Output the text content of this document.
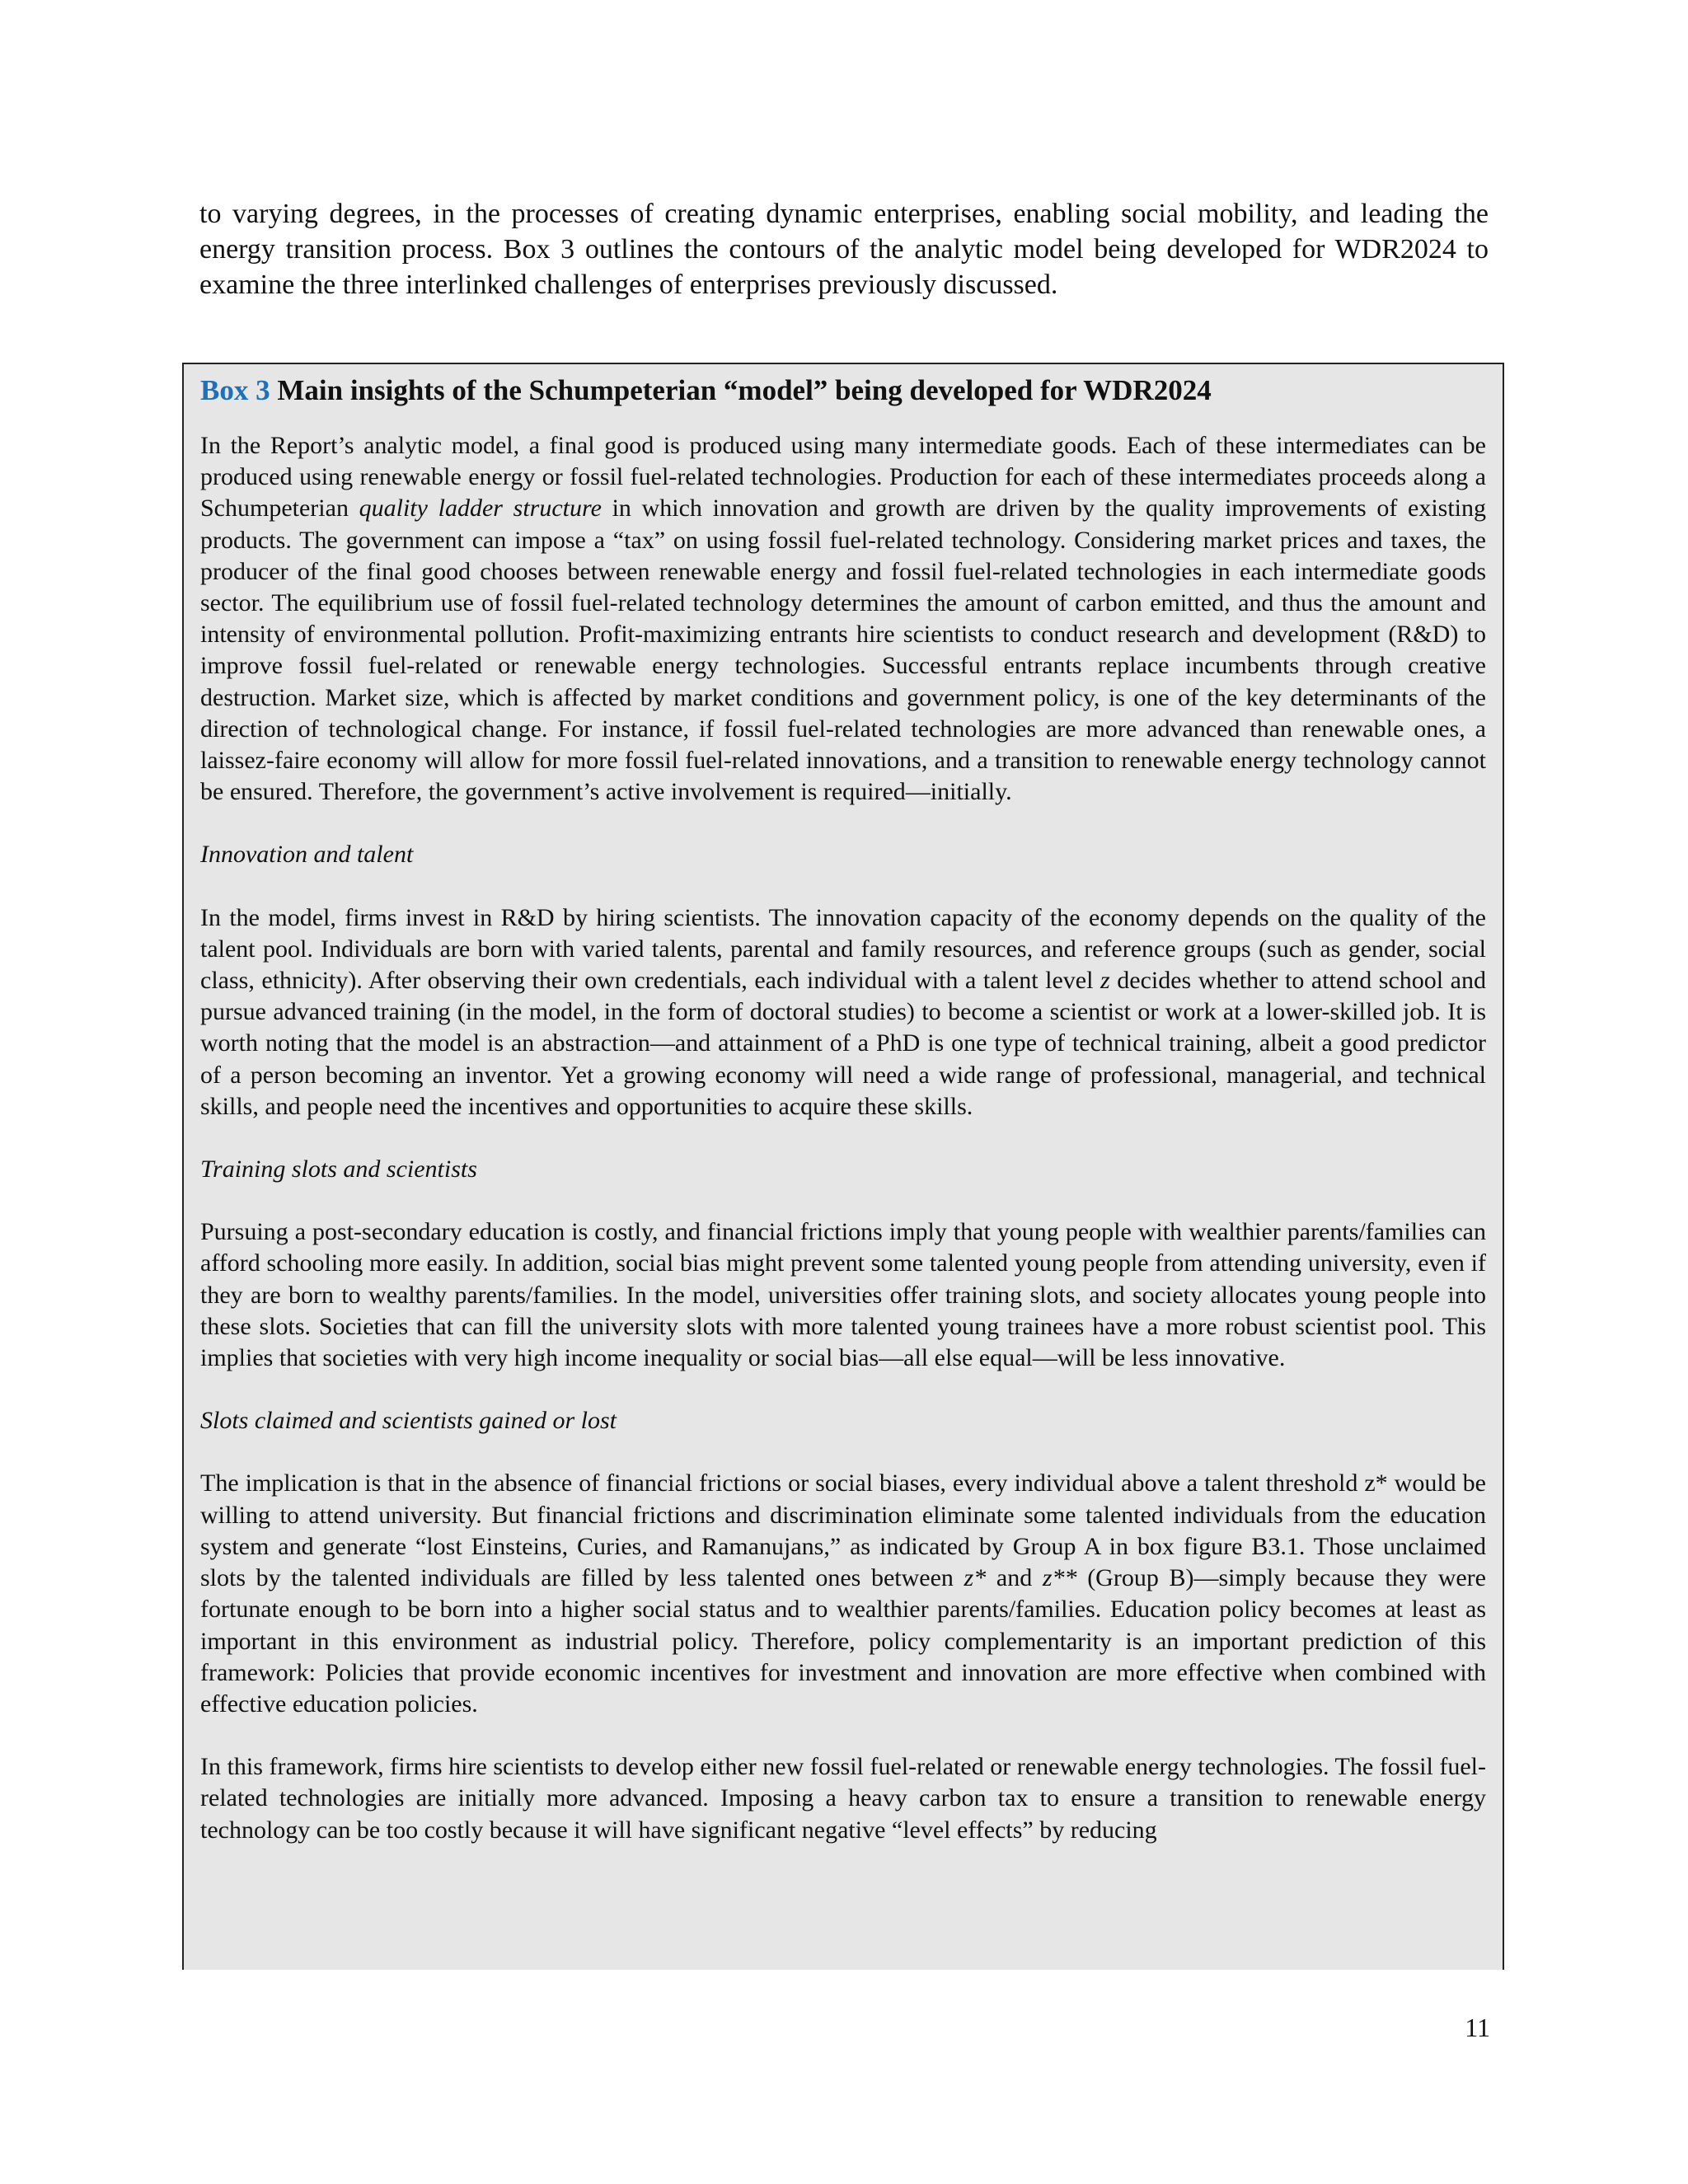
to varying degrees, in the processes of creating dynamic enterprises, enabling social mobility, and leading the energy transition process. Box 3 outlines the contours of the analytic model being developed for WDR2024 to examine the three interlinked challenges of enterprises previously discussed.

Box 3 Main insights of the Schumpeterian “model” being developed for WDR2024

In the Report’s analytic model, a final good is produced using many intermediate goods. Each of these intermediates can be produced using renewable energy or fossil fuel-related technologies. Production for each of these intermediates proceeds along a Schumpeterian quality ladder structure in which innovation and growth are driven by the quality improvements of existing products. The government can impose a “tax” on using fossil fuel-related technology. Considering market prices and taxes, the producer of the final good chooses between renewable energy and fossil fuel-related technologies in each intermediate goods sector. The equilibrium use of fossil fuel-related technology determines the amount of carbon emitted, and thus the amount and intensity of environmental pollution. Profit-maximizing entrants hire scientists to conduct research and development (R&D) to improve fossil fuel-related or renewable energy technologies. Successful entrants replace incumbents through creative destruction. Market size, which is affected by market conditions and government policy, is one of the key determinants of the direction of technological change. For instance, if fossil fuel-related technologies are more advanced than renewable ones, a laissez-faire economy will allow for more fossil fuel-related innovations, and a transition to renewable energy technology cannot be ensured. Therefore, the government’s active involvement is required—initially.

Innovation and talent

In the model, firms invest in R&D by hiring scientists. The innovation capacity of the economy depends on the quality of the talent pool. Individuals are born with varied talents, parental and family resources, and reference groups (such as gender, social class, ethnicity). After observing their own credentials, each individual with a talent level z decides whether to attend school and pursue advanced training (in the model, in the form of doctoral studies) to become a scientist or work at a lower-skilled job. It is worth noting that the model is an abstraction—and attainment of a PhD is one type of technical training, albeit a good predictor of a person becoming an inventor. Yet a growing economy will need a wide range of professional, managerial, and technical skills, and people need the incentives and opportunities to acquire these skills.

Training slots and scientists

Pursuing a post-secondary education is costly, and financial frictions imply that young people with wealthier parents/families can afford schooling more easily. In addition, social bias might prevent some talented young people from attending university, even if they are born to wealthy parents/families. In the model, universities offer training slots, and society allocates young people into these slots. Societies that can fill the university slots with more talented young trainees have a more robust scientist pool. This implies that societies with very high income inequality or social bias—all else equal—will be less innovative.

Slots claimed and scientists gained or lost

The implication is that in the absence of financial frictions or social biases, every individual above a talent threshold z* would be willing to attend university. But financial frictions and discrimination eliminate some talented individuals from the education system and generate “lost Einsteins, Curies, and Ramanujans,” as indicated by Group A in box figure B3.1. Those unclaimed slots by the talented individuals are filled by less talented ones between z* and z** (Group B)—simply because they were fortunate enough to be born into a higher social status and to wealthier parents/families. Education policy becomes at least as important in this environment as industrial policy. Therefore, policy complementarity is an important prediction of this framework: Policies that provide economic incentives for investment and innovation are more effective when combined with effective education policies.

In this framework, firms hire scientists to develop either new fossil fuel-related or renewable energy technologies. The fossil fuel-related technologies are initially more advanced. Imposing a heavy carbon tax to ensure a transition to renewable energy technology can be too costly because it will have significant negative “level effects” by reducing

11
